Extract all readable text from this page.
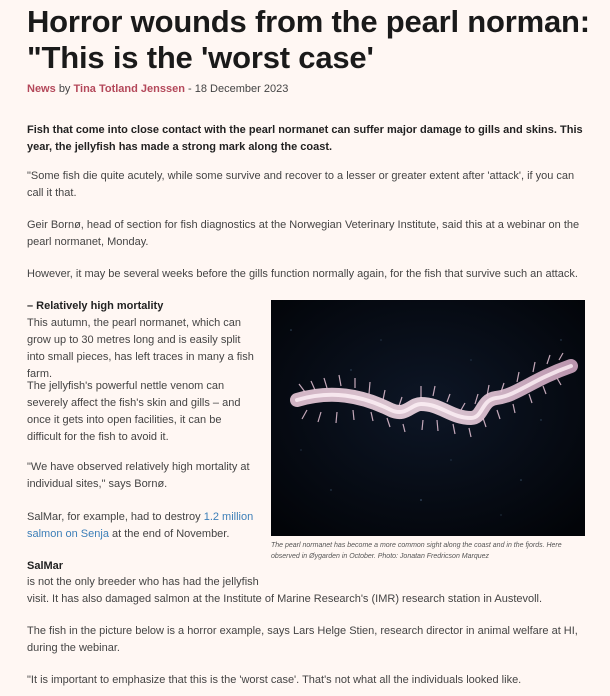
Horror wounds from the pearl norman: "This is the 'worst case'
News by Tina Totland Jenssen - 18 December 2023
Fish that come into close contact with the pearl normanet can suffer major damage to gills and skins. This year, the jellyfish has made a strong mark along the coast.

"Some fish die quite acutely, while some survive and recover to a lesser or greater extent after 'attack', if you can call it that.

Geir Bornø, head of section for fish diagnostics at the Norwegian Veterinary Institute, said this at a webinar on the pearl normanet, Monday.

However, it may be several weeks before the gills function normally again, for the fish that survive such an attack.

– Relatively high mortality

This autumn, the pearl normanet, which can grow up to 30 metres long and is easily split into small pieces, has left traces in many a fish farm.

The jellyfish's powerful nettle venom can severely affect the fish's skin and gills – and once it gets into open facilities, it can be difficult for the fish to avoid it.

"We have observed relatively high mortality at individual sites," says Bornø.

SalMar, for example, had to destroy 1.2 million salmon on Senja at the end of November.

SalMar

is not the only breeder who has had the jellyfish

visit. It has also damaged salmon at the Institute of Marine Research's (IMR) research station in Austevoll.

The fish in the picture below is a horror example, says Lars Helge Stien, research director in animal welfare at HI, during the webinar.

"It is important to emphasize that this is the 'worst case'. That's not what all the individuals looked like.

The pearl normanet has become a more common sight along the coast and in the fjords. Here observed in Øygarden in October. Photo: Jonatan Fredricson Marquez
